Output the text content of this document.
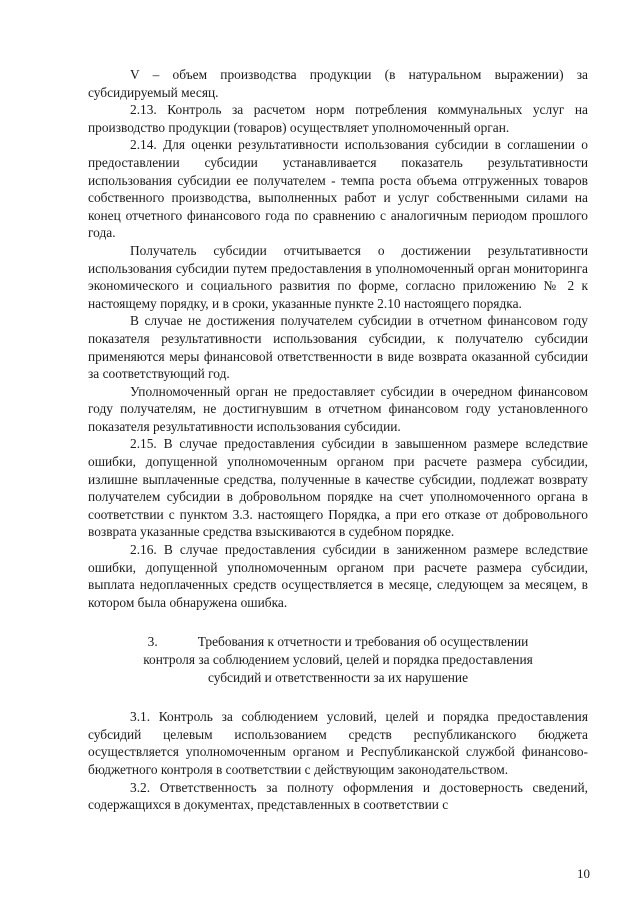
V – объем производства продукции (в натуральном выражении) за субсидируемый месяц.

2.13. Контроль за расчетом норм потребления коммунальных услуг на производство продукции (товаров) осуществляет уполномоченный орган.

2.14. Для оценки результативности использования субсидии в соглашении о предоставлении субсидии устанавливается показатель результативности использования субсидии ее получателем - темпа роста объема отгруженных товаров собственного производства, выполненных работ и услуг собственными силами на конец отчетного финансового года по сравнению с аналогичным периодом прошлого года.

Получатель субсидии отчитывается о достижении результативности использования субсидии путем предоставления в уполномоченный орган мониторинга экономического и социального развития по форме, согласно приложению № 2 к настоящему порядку, и в сроки, указанные пункте 2.10 настоящего порядка.

В случае не достижения получателем субсидии в отчетном финансовом году показателя результативности использования субсидии, к получателю субсидии применяются меры финансовой ответственности в виде возврата оказанной субсидии за соответствующий год.

Уполномоченный орган не предоставляет субсидии в очередном финансовом году получателям, не достигнувшим в отчетном финансовом году установленного показателя результативности использования субсидии.

2.15. В случае предоставления субсидии в завышенном размере вследствие ошибки, допущенной уполномоченным органом при расчете размера субсидии, излишне выплаченные средства, полученные в качестве субсидии, подлежат возврату получателем субсидии в добровольном порядке на счет уполномоченного органа в соответствии с пунктом 3.3. настоящего Порядка, а при его отказе от добровольного возврата указанные средства взыскиваются в судебном порядке.

2.16. В случае предоставления субсидии в заниженном размере вследствие ошибки, допущенной уполномоченным органом при расчете размера субсидии, выплата недоплаченных средств осуществляется в месяце, следующем за месяцем, в котором была обнаружена ошибка.

3.	Требования к отчетности и требования об осуществлении

контроля за соблюдением условий, целей и порядка предоставления

субсидий и ответственности за их нарушение

3.1. Контроль за соблюдением условий, целей и порядка предоставления субсидий целевым использованием средств республиканского бюджета осуществляется уполномоченным органом и Республиканской службой финансово-бюджетного контроля в соответствии с действующим законодательством.

3.2. Ответственность за полноту оформления и достоверность сведений, содержащихся в документах, представленных в соответствии с

10
